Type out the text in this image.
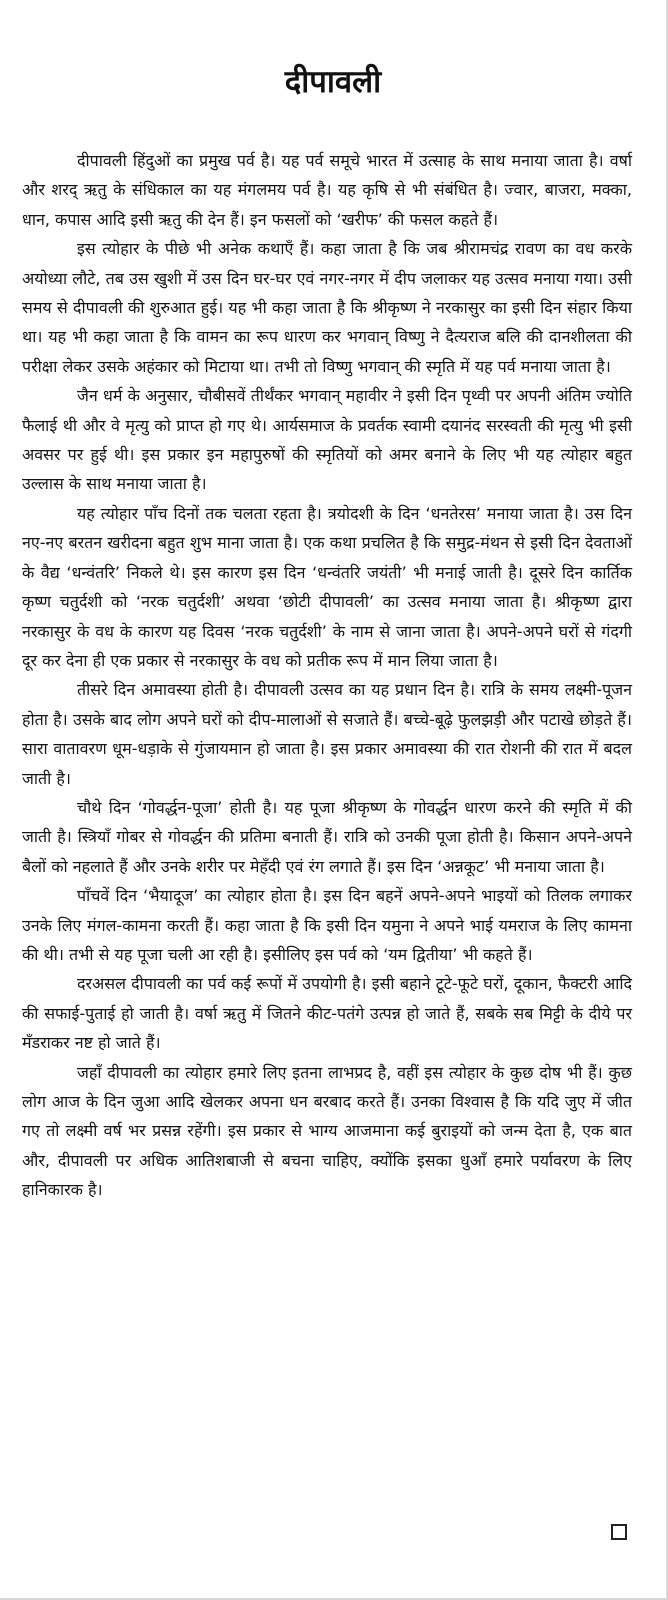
दीपावली

दीपावली हिंदुओं का प्रमुख पर्व है। यह पर्व समूचे भारत में उत्साह के साथ मनाया जाता है। वर्षा और शरद् ऋतु के संधिकाल का यह मंगलमय पर्व है। यह कृषि से भी संबंधित है। ज्वार, बाजरा, मक्का, धान, कपास आदि इसी ऋतु की देन हैं। इन फसलों को ‘खरीफ’ की फसल कहते हैं।

इस त्योहार के पीछे भी अनेक कथाएँ हैं। कहा जाता है कि जब श्रीरामचंद्र रावण का वध करके अयोध्या लौटे, तब उस खुशी में उस दिन घर-घर एवं नगर-नगर में दीप जलाकर यह उत्सव मनाया गया। उसी समय से दीपावली की शुरुआत हुई। यह भी कहा जाता है कि श्रीकृष्ण ने नरकासुर का इसी दिन संहार किया था। यह भी कहा जाता है कि वामन का रूप धारण कर भगवान् विष्णु ने दैत्यराज बलि की दानशीलता की परीक्षा लेकर उसके अहंकार को मिटाया था। तभी तो विष्णु भगवान् की स्मृति में यह पर्व मनाया जाता है।

जैन धर्म के अनुसार, चौबीसवें तीर्थंकर भगवान् महावीर ने इसी दिन पृथ्वी पर अपनी अंतिम ज्योति फैलाई थी और वे मृत्यु को प्राप्त हो गए थे। आर्यसमाज के प्रवर्तक स्वामी दयानंद सरस्वती की मृत्यु भी इसी अवसर पर हुई थी। इस प्रकार इन महापुरुषों की स्मृतियों को अमर बनाने के लिए भी यह त्योहार बहुत उल्लास के साथ मनाया जाता है।

यह त्योहार पाँच दिनों तक चलता रहता है। त्रयोदशी के दिन ‘धनतेरस’ मनाया जाता है। उस दिन नए-नए बरतन खरीदना बहुत शुभ माना जाता है। एक कथा प्रचलित है कि समुद्र-मंथन से इसी दिन देवताओं के वैद्य ‘धन्वंतरि’ निकले थे। इस कारण इस दिन ‘धन्वंतरि जयंती’ भी मनाई जाती है। दूसरे दिन कार्तिक कृष्ण चतुर्दशी को ‘नरक चतुर्दशी’ अथवा ‘छोटी दीपावली’ का उत्सव मनाया जाता है। श्रीकृष्ण द्वारा नरकासुर के वध के कारण यह दिवस ‘नरक चतुर्दशी’ के नाम से जाना जाता है। अपने-अपने घरों से गंदगी दूर कर देना ही एक प्रकार से नरकासुर के वध को प्रतीक रूप में मान लिया जाता है।

तीसरे दिन अमावस्या होती है। दीपावली उत्सव का यह प्रधान दिन है। रात्रि के समय लक्ष्मी-पूजन होता है। उसके बाद लोग अपने घरों को दीप-मालाओं से सजाते हैं। बच्चे-बूढ़े फुलझड़ी और पटाखे छोड़ते हैं। सारा वातावरण धूम-धड़ाके से गुंजायमान हो जाता है। इस प्रकार अमावस्या की रात रोशनी की रात में बदल जाती है।

चौथे दिन ‘गोवर्द्धन-पूजा’ होती है। यह पूजा श्रीकृष्ण के गोवर्द्धन धारण करने की स्मृति में की जाती है। स्त्रियाँ गोबर से गोवर्द्धन की प्रतिमा बनाती हैं। रात्रि को उनकी पूजा होती है। किसान अपने-अपने बैलों को नहलाते हैं और उनके शरीर पर मेहँदी एवं रंग लगाते हैं। इस दिन ‘अन्नकूट’ भी मनाया जाता है।

पाँचवें दिन ‘भैयादूज’ का त्योहार होता है। इस दिन बहनें अपने-अपने भाइयों को तिलक लगाकर उनके लिए मंगल-कामना करती हैं। कहा जाता है कि इसी दिन यमुना ने अपने भाई यमराज के लिए कामना की थी। तभी से यह पूजा चली आ रही है। इसीलिए इस पर्व को ‘यम द्वितीया’ भी कहते हैं।

दरअसल दीपावली का पर्व कई रूपों में उपयोगी है। इसी बहाने टूटे-फूटे घरों, दूकान, फैक्टरी आदि की सफाई-पुताई हो जाती है। वर्षा ऋतु में जितने कीट-पतंगे उत्पन्न हो जाते हैं, सबके सब मिट्टी के दीये पर मँडराकर नष्ट हो जाते हैं।

जहाँ दीपावली का त्योहार हमारे लिए इतना लाभप्रद है, वहीं इस त्योहार के कुछ दोष भी हैं। कुछ लोग आज के दिन जुआ आदि खेलकर अपना धन बरबाद करते हैं। उनका विश्वास है कि यदि जुए में जीत गए तो लक्ष्मी वर्ष भर प्रसन्न रहेंगी। इस प्रकार से भाग्य आजमाना कई बुराइयों को जन्म देता है, एक बात और, दीपावली पर अधिक आतिशबाजी से बचना चाहिए, क्योंकि इसका धुआँ हमारे पर्यावरण के लिए हानिकारक है।
